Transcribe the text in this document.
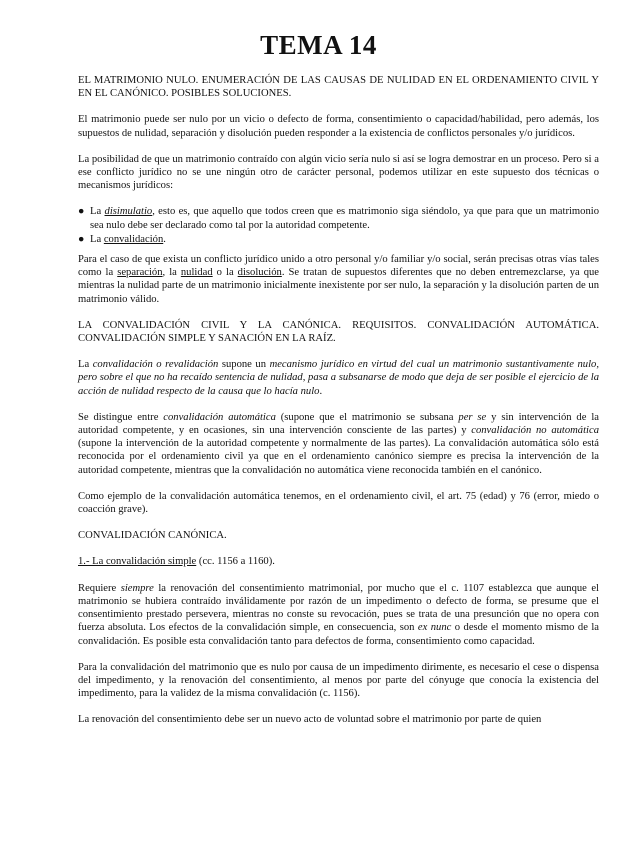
TEMA 14

EL MATRIMONIO NULO. ENUMERACIÓN DE LAS CAUSAS DE NULIDAD EN EL ORDENAMIENTO CIVIL Y EN EL CANÓNICO. POSIBLES SOLUCIONES.

El matrimonio puede ser nulo por un vicio o defecto de forma, consentimiento o capacidad/habilidad, pero además, los supuestos de nulidad, separación y disolución pueden responder a la existencia de conflictos personales y/o jurídicos.

La posibilidad de que un matrimonio contraído con algún vicio sería nulo si así se logra demostrar en un proceso. Pero si a ese conflicto jurídico no se une ningún otro de carácter personal, podemos utilizar en este supuesto dos técnicas o mecanismos jurídicos:

● La disimulatio, esto es, que aquello que todos creen que es matrimonio siga siéndolo, ya que para que un matrimonio sea nulo debe ser declarado como tal por la autoridad competente.
● La convalidación.

Para el caso de que exista un conflicto jurídico unido a otro personal y/o familiar y/o social, serán precisas otras vías tales como la separación, la nulidad o la disolución. Se tratan de supuestos diferentes que no deben entremezclarse, ya que mientras la nulidad parte de un matrimonio inicialmente inexistente por ser nulo, la separación y la disolución parten de un matrimonio válido.

LA CONVALIDACIÓN CIVIL Y LA CANÓNICA. REQUISITOS. CONVALIDACIÓN AUTOMÁTICA. CONVALIDACIÓN SIMPLE Y SANACIÓN EN LA RAÍZ.

La convalidación o revalidación supone un mecanismo jurídico en virtud del cual un matrimonio sustantivamente nulo, pero sobre el que no ha recaído sentencia de nulidad, pasa a subsanarse de modo que deja de ser posible el ejercicio de la acción de nulidad respecto de la causa que lo hacía nulo.

Se distingue entre convalidación automática (supone que el matrimonio se subsana per se y sin intervención de la autoridad competente, y en ocasiones, sin una intervención consciente de las partes) y convalidación no automática (supone la intervención de la autoridad competente y normalmente de las partes). La convalidación automática sólo está reconocida por el ordenamiento civil ya que en el ordenamiento canónico siempre es precisa la intervención de la autoridad competente, mientras que la convalidación no automática viene reconocida también en el canónico.

Como ejemplo de la convalidación automática tenemos, en el ordenamiento civil, el art. 75 (edad) y 76 (error, miedo o coacción grave).

CONVALIDACIÓN CANÓNICA.

1.- La convalidación simple (cc. 1156 a 1160).

Requiere siempre la renovación del consentimiento matrimonial, por mucho que el c. 1107 establezca que aunque el matrimonio se hubiera contraído inválidamente por razón de un impedimento o defecto de forma, se presume que el consentimiento prestado persevera, mientras no conste su revocación, pues se trata de una presunción que no opera con fuerza absoluta. Los efectos de la convalidación simple, en consecuencia, son ex nunc o desde el momento mismo de la convalidación. Es posible esta convalidación tanto para defectos de forma, consentimiento como capacidad.

Para la convalidación del matrimonio que es nulo por causa de un impedimento dirimente, es necesario el cese o dispensa del impedimento, y la renovación del consentimiento, al menos por parte del cónyuge que conocía la existencia del impedimento, para la validez de la misma convalidación (c. 1156).

La renovación del consentimiento debe ser un nuevo acto de voluntad sobre el matrimonio por parte de quien
